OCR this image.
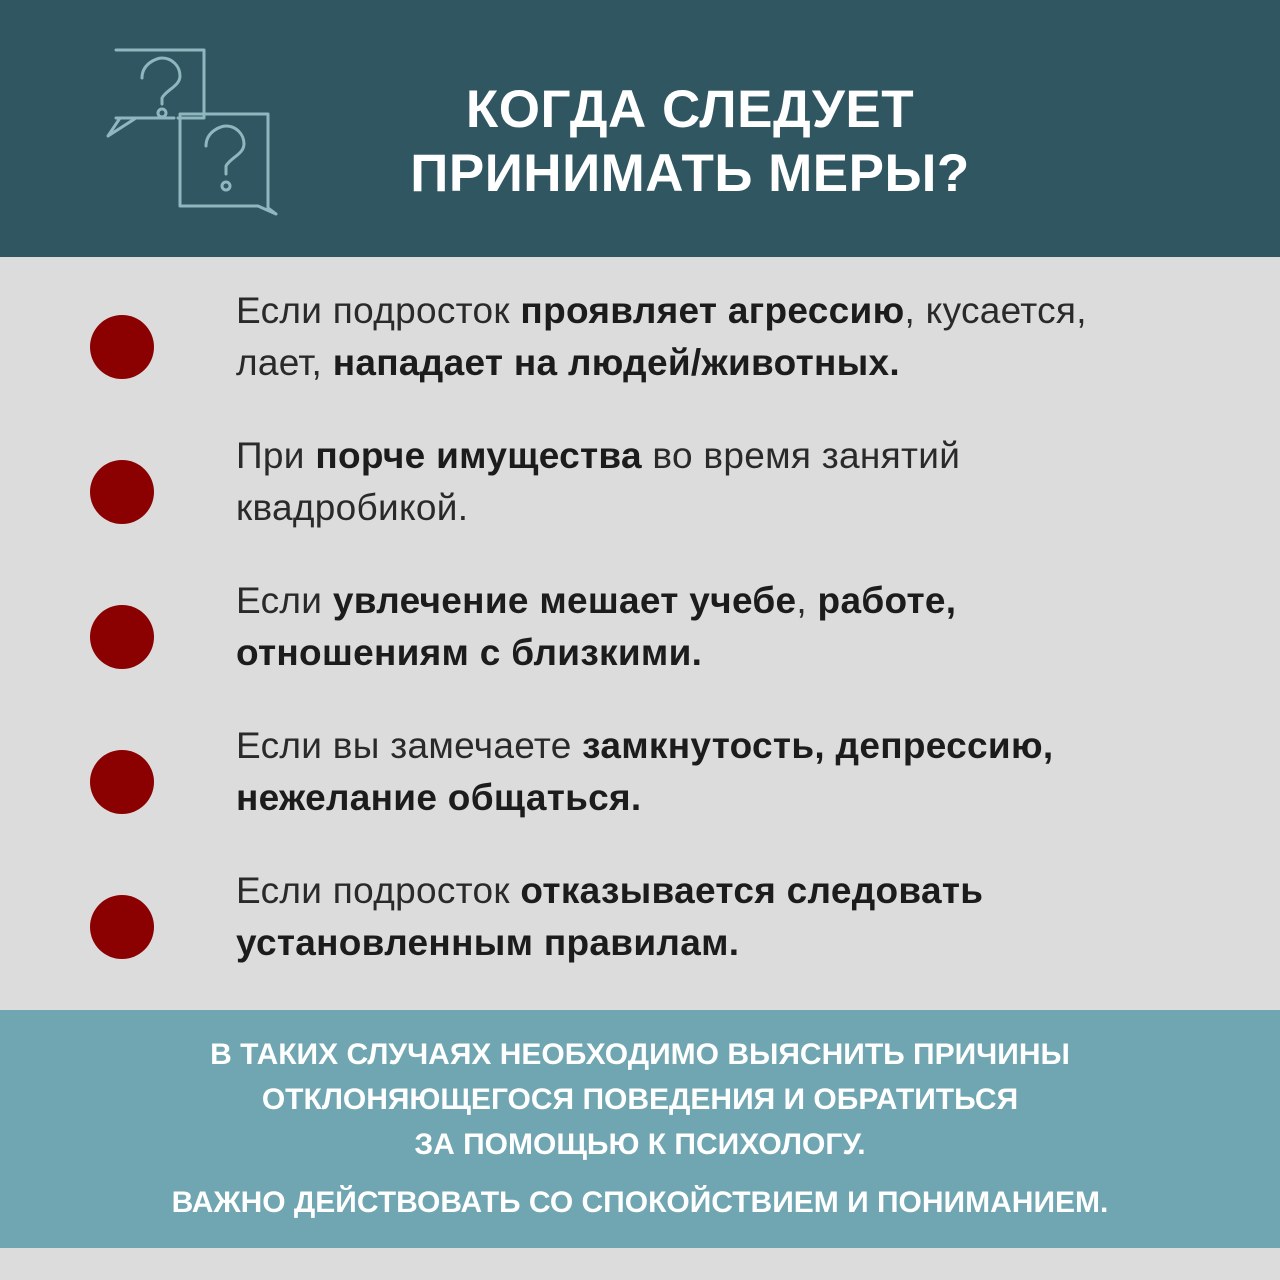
КОГДА СЛЕДУЕТ
ПРИНИМАТЬ МЕРЫ?
Если подросток проявляет агрессию, кусается,
лает, нападает на людей/животных.
При порче имущества во время занятий
квадробикой.
Если увлечение мешает учебе, работе,
отношениям с близкими.
Если вы замечаете замкнутость, депрессию,
нежелание общаться.
Если подросток отказывается следовать
установленным правилам.
В ТАКИХ СЛУЧАЯХ НЕОБХОДИМО ВЫЯСНИТЬ ПРИЧИНЫ
ОТКЛОНЯЮЩЕГОСЯ ПОВЕДЕНИЯ И ОБРАТИТЬСЯ
ЗА ПОМОЩЬЮ К ПСИХОЛОГУ.
ВАЖНО ДЕЙСТВОВАТЬ СО СПОКОЙСТВИЕМ И ПОНИМАНИЕМ.
